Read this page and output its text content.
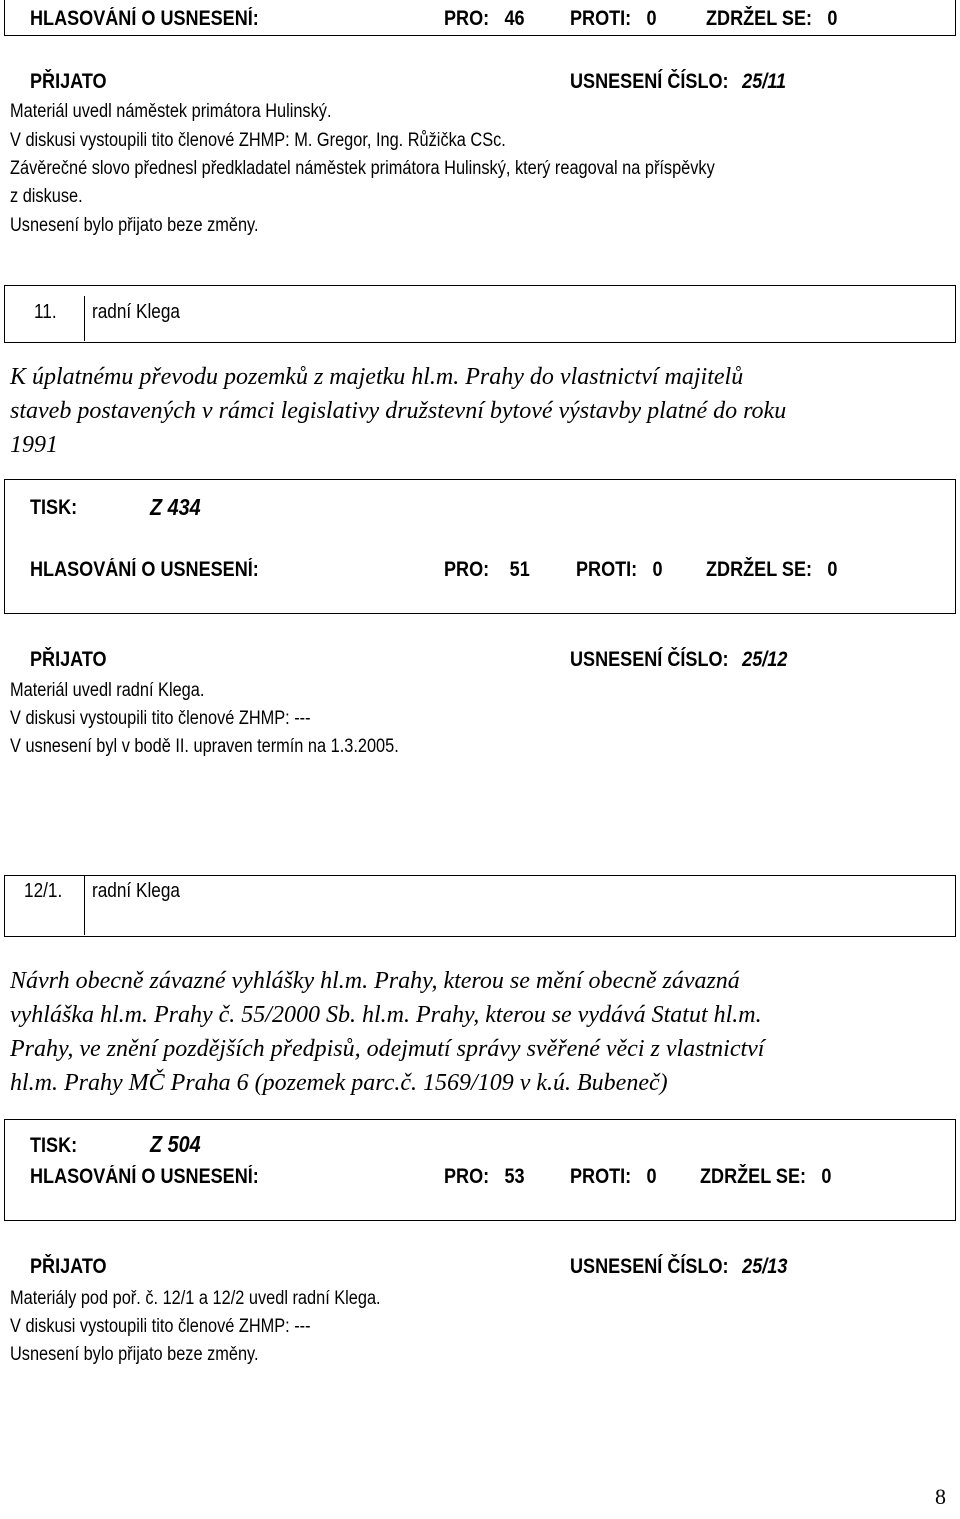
HLASOVÁNÍ O USNESENÍ:	PRO: 46 PROTI: 0 ZDRŽEL SE: 0
PŘIJATO	USNESENÍ ČÍSLO: 25/11
Materiál uvedl náměstek primátora Hulinský.
V diskusi vystoupili tito členové ZHMP: M. Gregor, Ing. Růžička CSc.
Závěrečné slovo přednesl předkladatel náměstek primátora Hulinský, který reagoval na příspěvky
z diskuse.
Usnesení bylo přijato beze změny.
11. radní Klega
K úplatnému převodu pozemků z majetku hl.m. Prahy do vlastnictví majitelů
staveb postavených v rámci legislativy družstevní bytové výstavby platné do roku
1991
TISK:	Z 434
HLASOVÁNÍ O USNESENÍ:	PRO: 51 PROTI: 0 ZDRŽEL SE: 0
PŘIJATO	USNESENÍ ČÍSLO: 25/12
Materiál uvedl radní Klega.
V diskusi vystoupili tito členové ZHMP: ---
V usnesení byl v bodě II. upraven termín na 1.3.2005.
12/1. radní Klega
Návrh obecně závazné vyhlášky hl.m. Prahy, kterou se mění obecně závazná
vyhláška hl.m. Prahy č. 55/2000 Sb. hl.m. Prahy, kterou se vydává Statut hl.m.
Prahy, ve znění pozdějších předpisů, odejmutí správy svěřené věci z vlastnictví
hl.m. Prahy MČ Praha 6 (pozemek parc.č. 1569/109 v k.ú. Bubeneč)
TISK:	Z 504
HLASOVÁNÍ O USNESENÍ:	PRO: 53 PROTI: 0 ZDRŽEL SE: 0
PŘIJATO	USNESENÍ ČÍSLO: 25/13
Materiály pod poř. č. 12/1 a 12/2 uvedl radní Klega.
V diskusi vystoupili tito členové ZHMP: ---
Usnesení bylo přijato beze změny.
8
